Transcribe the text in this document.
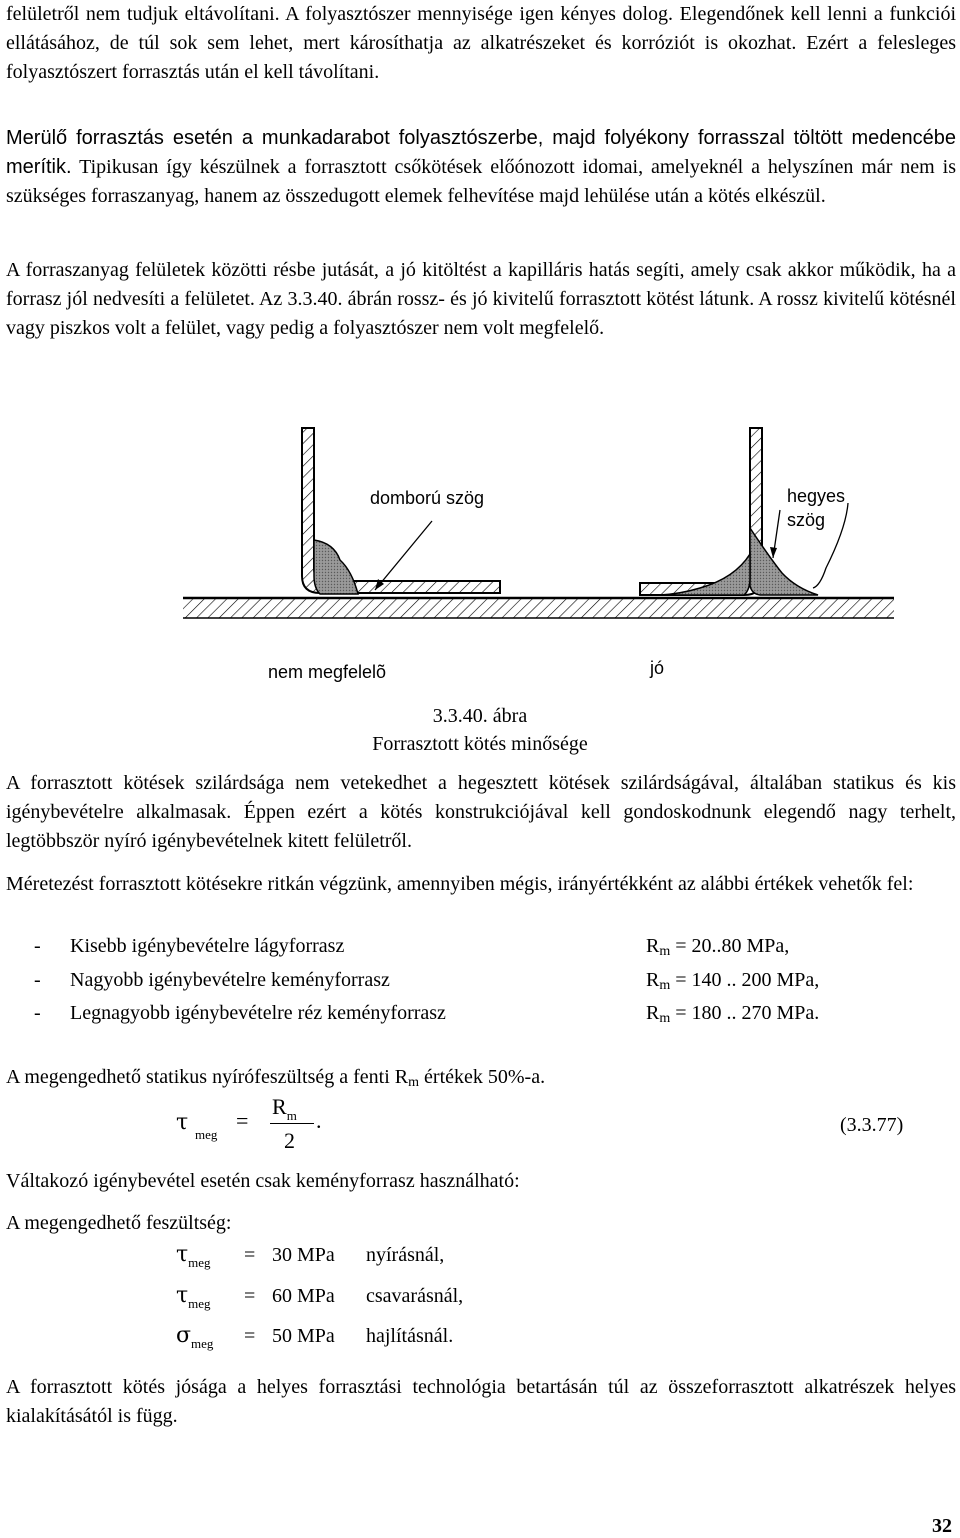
felületről nem tudjuk eltávolítani. A folyasztószer mennyisége igen kényes dolog. Elegendőnek kell lenni a funkciói ellátásához, de túl sok sem lehet, mert károsíthatja az alkatrészeket és korróziót is okozhat. Ezért a felesleges folyasztószert forrasztás után el kell távolítani.

Merülő forrasztás esetén a munkadarabot folyasztószerbe, majd folyékony forrasszal töltött medencébe merítik. Tipikusan így készülnek a forrasztott csőkötések előónozott idomai, amelyeknél a helyszínen már nem is szükséges forraszanyag, hanem az összedugott elemek felhevítése majd lehülése után a kötés elkészül.

A forraszanyag felületek közötti résbe jutását, a jó kitöltést a kapilláris hatás segíti, amely csak akkor működik, ha a forrasz jól nedvesíti a felületet. Az 3.3.40. ábrán rossz- és jó kivitelű forrasztott kötést látunk. A rossz kivitelű kötésnél vagy piszkos volt a felület, vagy pedig a folyasztószer nem volt megfelelő.

domború szög	hegyes
szög
nem megfelelõ	jó
3.3.40. ábra
Forrasztott kötés minősége

A forrasztott kötések szilárdsága nem vetekedhet a hegesztett kötések szilárdságával, általában statikus és kis igénybevételre alkalmasak. Éppen ezért a kötés konstrukciójával kell gondoskodnunk elegendő nagy terhelt, legtöbbször nyíró igénybevételnek kitett felületről.

Méretezést forrasztott kötésekre ritkán végzünk, amennyiben mégis, irányértékként az alábbi értékek vehetők fel:

- Kisebb igénybevételre lágyforrasz	$R_m = 20..80$ MPa,
- Nagyobb igénybevételre keményforrasz	$R_m = 140$ .. 200 MPa,
- Legnagyobb igénybevételre réz keményforrasz	$R_m = 180$ .. 270 MPa.

A megengedhető statikus nyírófeszültség a fenti $R_m$ értékek 50%-a.

τ meg
=
$R_m$
2
.	(3.3.77)

Váltakozó igénybevétel esetén csak keményforrasz használható:

A megengedhető feszültség:

$\tau_{meg} = 30$ MPa nyírásnál,
$\tau_{meg} = 60$ MPa csavarásnál,
$\sigma_{meg} = 50$ MPa hajlításnál.

A forrasztott kötés jósága a helyes forrasztási technológia betartásán túl az összeforrasztott alkatrészek helyes kialakításától is függ.

32
